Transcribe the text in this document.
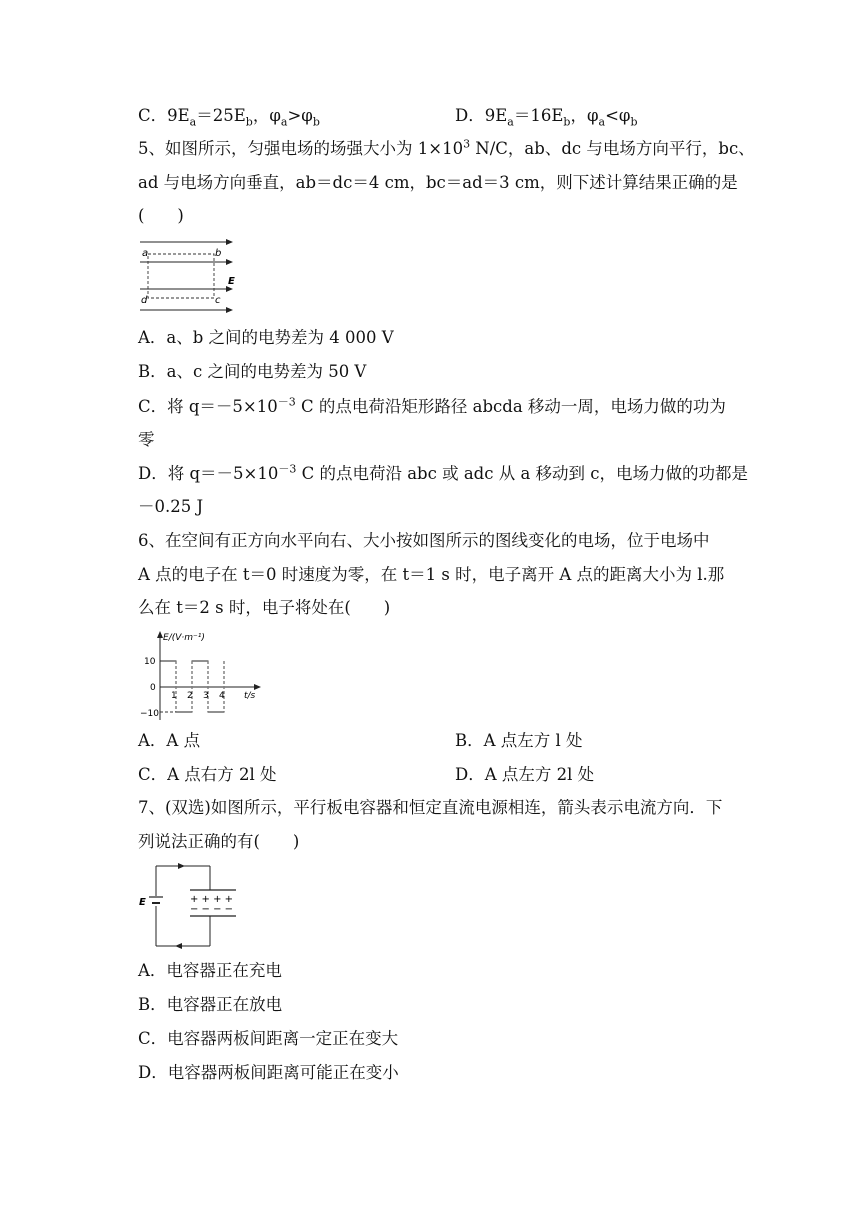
C．$9E_a=25E_b$，$\varphi_a>\varphi_b$	D．$9E_a=16E_b$，$\varphi_a<\varphi_b$
5、如图所示，匀强电场的场强大小为 $1\times 10^3$ N/C，ab、dc 与电场方向平行，bc、
ad 与电场方向垂直，ab＝dc＝4 cm，bc＝ad＝3 cm，则下述计算结果正确的是
(　　)
a	b
c
d
E
A．a、b 之间的电势差为 4 000 V
B．a、c 之间的电势差为 50 V
C．将 $q=-5\times 10^{-3}$ C 的点电荷沿矩形路径 abcda 移动一周，电场力做的功为
零
D．将 $q=-5\times 10^{-3}$ C 的点电荷沿 abc 或 adc 从 a 移动到 c，电场力做的功都是
－0.25 J
6、在空间有正方向水平向右、大小按如图所示的图线变化的电场，位于电场中
A 点的电子在 t＝0 时速度为零，在 t＝1 s 时，电子离开 A 点的距离大小为 l.那
么在 t＝2 s 时，电子将处在(　　)
E/(V·m⁻¹)
10
0
−10
1 2 3 4 t/s
A．A 点	B．A 点左方 l 处
C．A 点右方 2l 处	D．A 点左方 2l 处
7、(双选)如图所示，平行板电容器和恒定直流电源相连，箭头表示电流方向．下
列说法正确的有(　　)
E	+ + + +
− − − −
A．电容器正在充电
B．电容器正在放电
C．电容器两板间距离一定正在变大
D．电容器两板间距离可能正在变小
